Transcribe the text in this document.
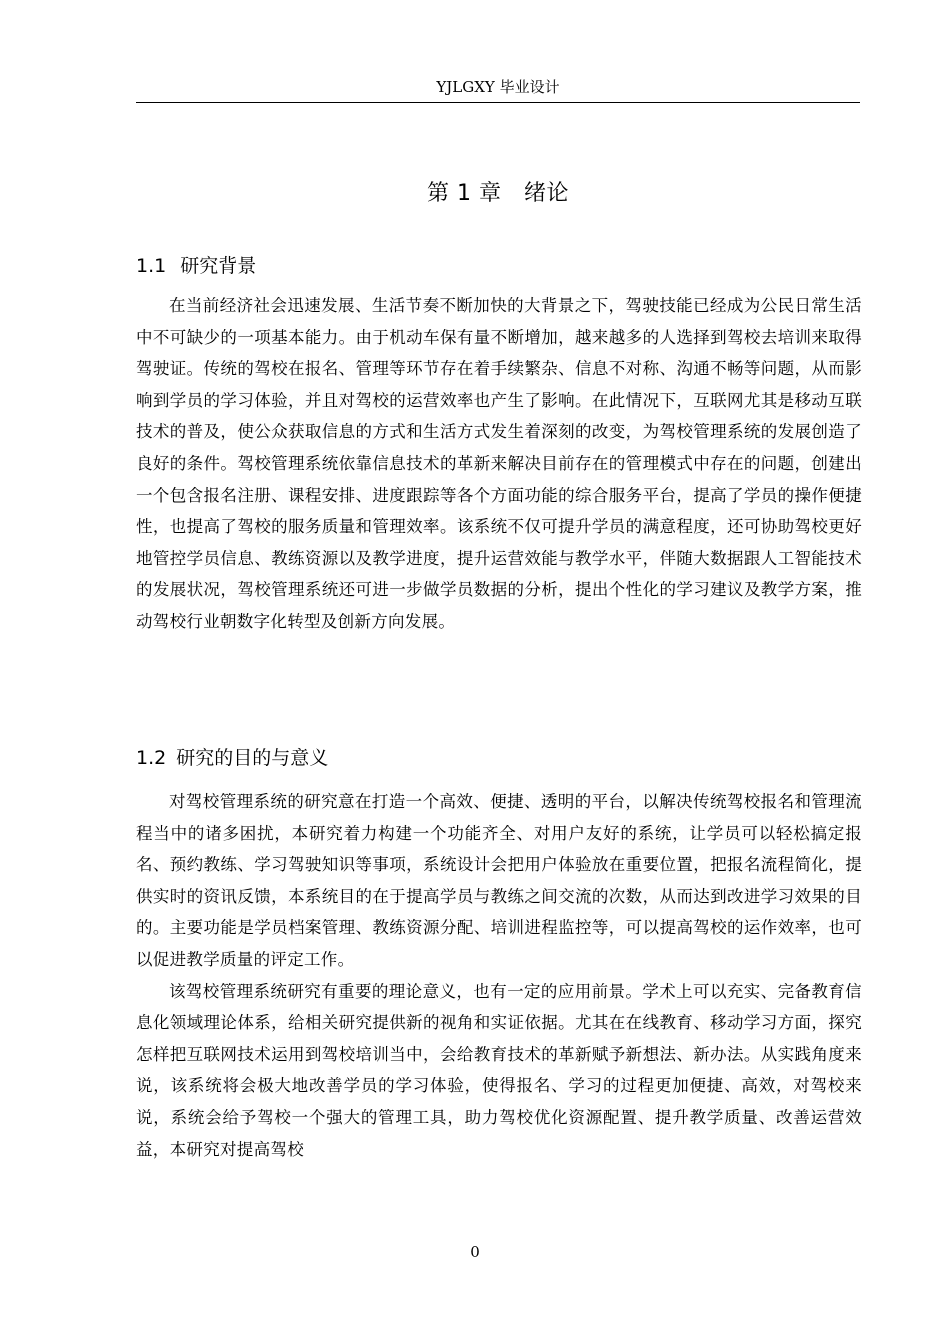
YJLGXY 毕业设计
第 1 章　绪论
1.1 研究背景

在当前经济社会迅速发展、生活节奏不断加快的大背景之下，驾驶技能已经成为公民日常生活中不可缺少的一项基本能力。由于机动车保有量不断增加，越来越多的人选择到驾校去培训来取得驾驶证。传统的驾校在报名、管理等环节存在着手续繁杂、信息不对称、沟通不畅等问题，从而影响到学员的学习体验，并且对驾校的运营效率也产生了影响。在此情况下，互联网尤其是移动互联技术的普及，使公众获取信息的方式和生活方式发生着深刻的改变，为驾校管理系统的发展创造了良好的条件。驾校管理系统依靠信息技术的革新来解决目前存在的管理模式中存在的问题，创建出一个包含报名注册、课程安排、进度跟踪等各个方面功能的综合服务平台，提高了学员的操作便捷性，也提高了驾校的服务质量和管理效率。该系统不仅可提升学员的满意程度，还可协助驾校更好地管控学员信息、教练资源以及教学进度，提升运营效能与教学水平，伴随大数据跟人工智能技术的发展状况，驾校管理系统还可进一步做学员数据的分析，提出个性化的学习建议及教学方案，推动驾校行业朝数字化转型及创新方向发展。

1.2 研究的目的与意义

对驾校管理系统的研究意在打造一个高效、便捷、透明的平台，以解决传统驾校报名和管理流程当中的诸多困扰，本研究着力构建一个功能齐全、对用户友好的系统，让学员可以轻松搞定报名、预约教练、学习驾驶知识等事项，系统设计会把用户体验放在重要位置，把报名流程简化，提供实时的资讯反馈，本系统目的在于提高学员与教练之间交流的次数，从而达到改进学习效果的目的。主要功能是学员档案管理、教练资源分配、培训进程监控等，可以提高驾校的运作效率，也可以促进教学质量的评定工作。

该驾校管理系统研究有重要的理论意义，也有一定的应用前景。学术上可以充实、完备教育信息化领域理论体系，给相关研究提供新的视角和实证依据。尤其在在线教育、移动学习方面，探究怎样把互联网技术运用到驾校培训当中，会给教育技术的革新赋予新想法、新办法。从实践角度来说，该系统将会极大地改善学员的学习体验，使得报名、学习的过程更加便捷、高效，对驾校来说，系统会给予驾校一个强大的管理工具，助力驾校优化资源配置、提升教学质量、改善运营效益，本研究对提高驾校

0
